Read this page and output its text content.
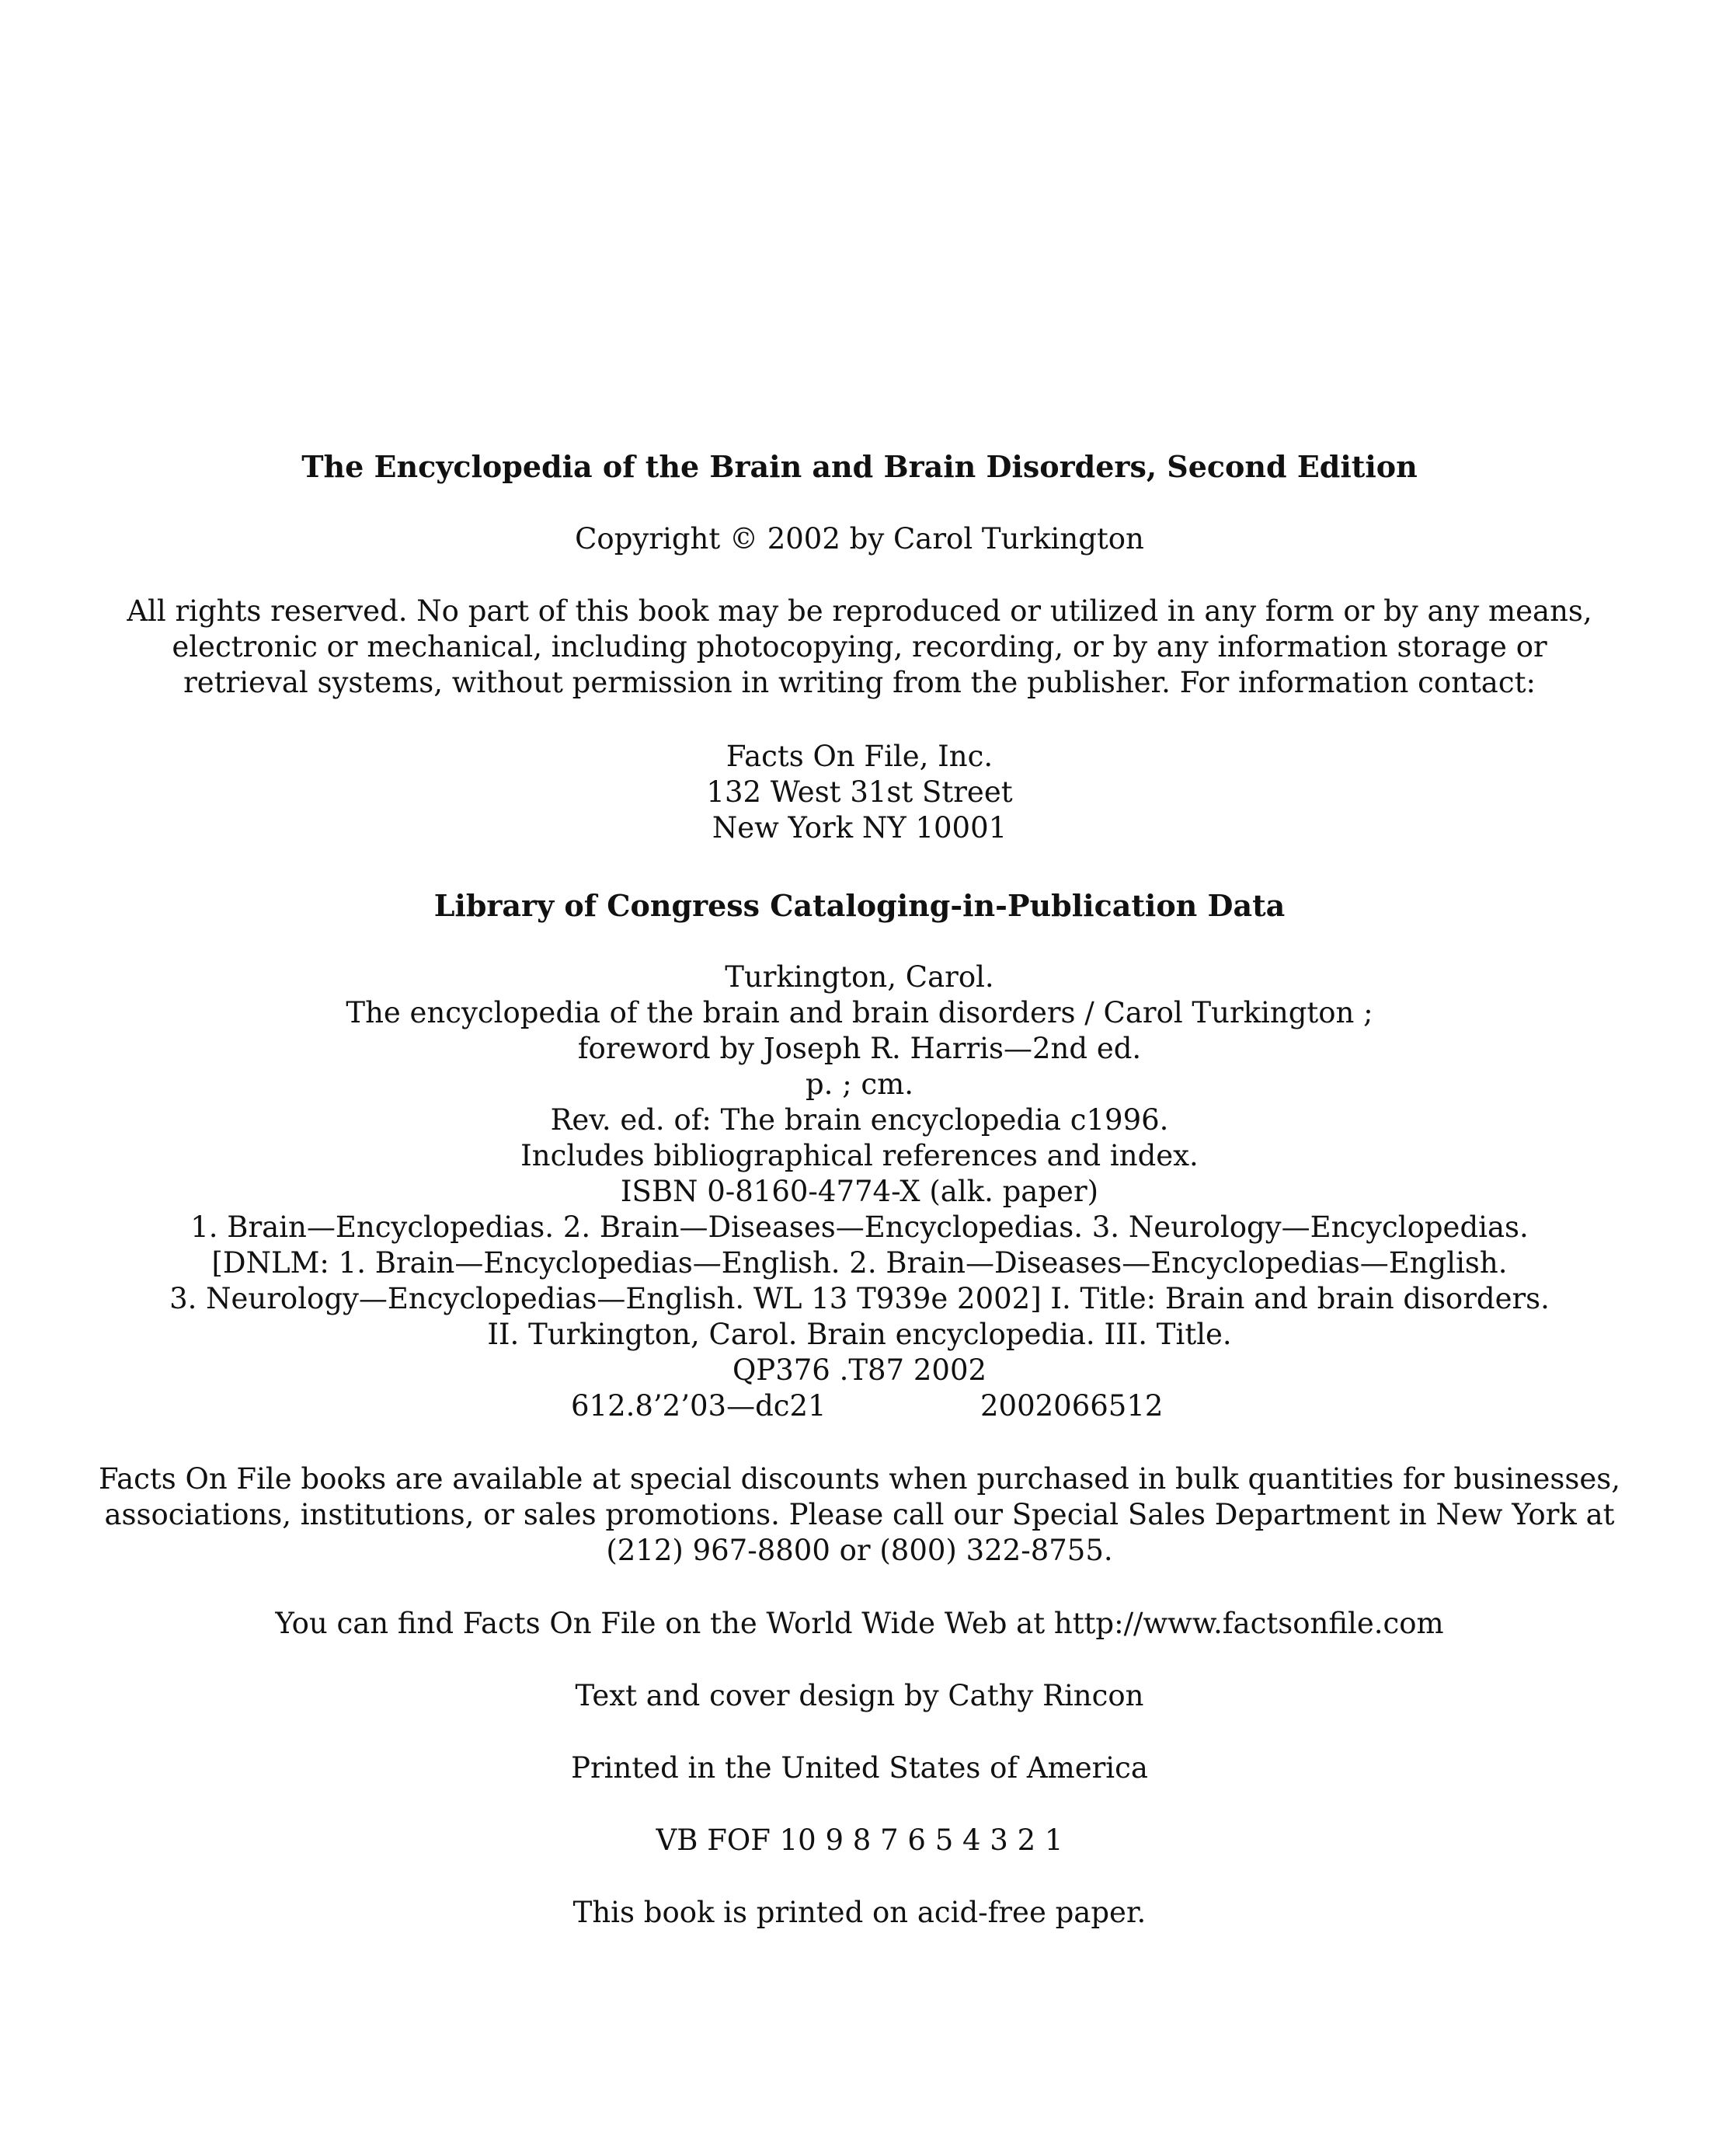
The Encyclopedia of the Brain and Brain Disorders, Second Edition
Copyright © 2002 by Carol Turkington
All rights reserved. No part of this book may be reproduced or utilized in any form or by any means,
electronic or mechanical, including photocopying, recording, or by any information storage or
retrieval systems, without permission in writing from the publisher. For information contact:
Facts On File, Inc.
132 West 31st Street
New York NY 10001
Library of Congress Cataloging-in-Publication Data
Turkington, Carol.
The encyclopedia of the brain and brain disorders / Carol Turkington ;
foreword by Joseph R. Harris—2nd ed.
p. ; cm.
Rev. ed. of: The brain encyclopedia c1996.
Includes bibliographical references and index.
ISBN 0-8160-4774-X (alk. paper)
1. Brain—Encyclopedias. 2. Brain—Diseases—Encyclopedias. 3. Neurology—Encyclopedias.
[DNLM: 1. Brain—Encyclopedias—English. 2. Brain—Diseases—Encyclopedias—English.
3. Neurology—Encyclopedias—English. WL 13 T939e 2002] I. Title: Brain and brain disorders.
II. Turkington, Carol. Brain encyclopedia. III. Title.
QP376 .T87 2002
612.8’2’03—dc21	2002066512
Facts On File books are available at special discounts when purchased in bulk quantities for businesses,
associations, institutions, or sales promotions. Please call our Special Sales Department in New York at
(212) 967-8800 or (800) 322-8755.
You can find Facts On File on the World Wide Web at http://www.factsonfile.com
Text and cover design by Cathy Rincon
Printed in the United States of America
VB FOF 10 9 8 7 6 5 4 3 2 1
This book is printed on acid-free paper.
